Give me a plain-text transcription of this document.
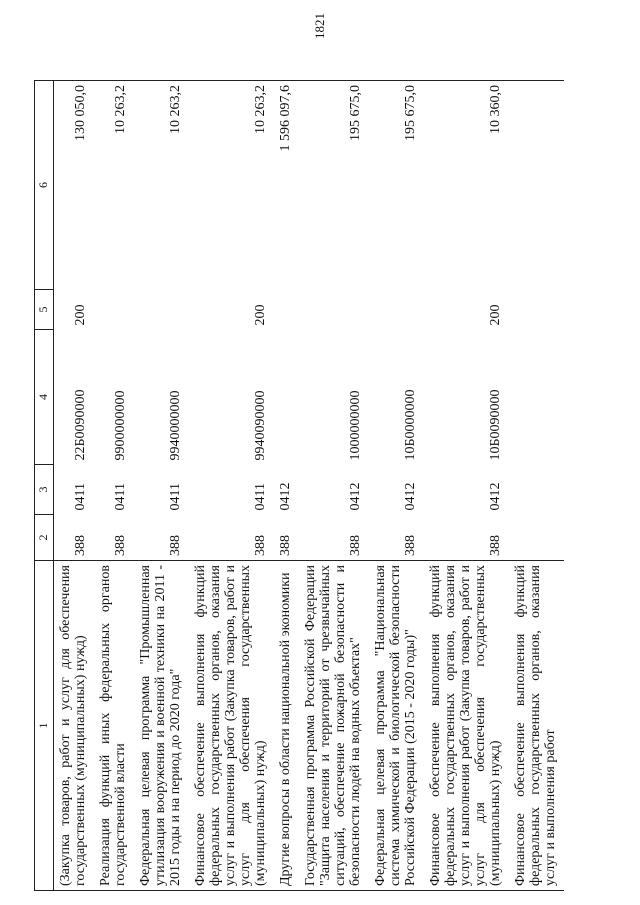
1821
1	2	3	4	5	6
(Закупка товаров, работ и услуг для обеспечения государственных (муниципальных) нужд)	388	0411	22Б0090000	200	130 050,0
Реализация функций иных федеральных органов государственной власти	388	0411	9900000000		10 263,2
Федеральная целевая программа "Промышленная утилизация вооружения и военной техники на 2011 - 2015 годы и на период до 2020 года"	388	0411	9940000000		10 263,2
Финансовое обеспечение выполнения функций федеральных государственных органов, оказания услуг и выполнения работ (Закупка товаров, работ и услуг для обеспечения государственных (муниципальных) нужд)	388	0411	9940090000	200	10 263,2
Другие вопросы в области национальной экономики	388	0412			1 596 097,6
Государственная программа Российской Федерации "Защита населения и территорий от чрезвычайных ситуаций, обеспечение пожарной безопасности и безопасности людей на водных объектах"	388	0412	1000000000		195 675,0
Федеральная целевая программа "Национальная система химической и биологической безопасности Российской Федерации (2015 - 2020 годы)"	388	0412	10Б0000000		195 675,0
Финансовое обеспечение выполнения функций федеральных государственных органов, оказания услуг и выполнения работ (Закупка товаров, работ и услуг для обеспечения государственных (муниципальных) нужд)	388	0412	10Б0090000	200	10 360,0
Финансовое обеспечение выполнения функций федеральных государственных органов, оказания услуг и выполнения работ					
